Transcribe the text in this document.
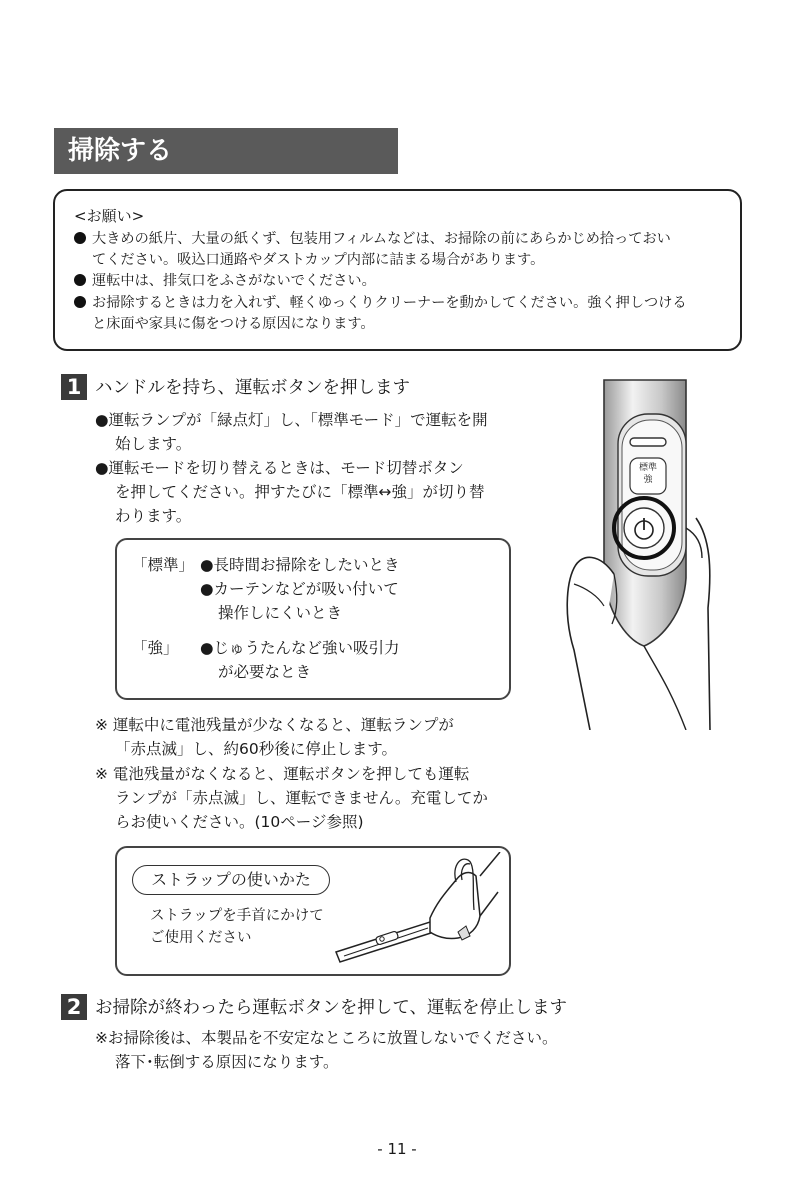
掃除する
<お願い>
大きめの紙片、大量の紙くず、包装用フィルムなどは、お掃除の前にあらかじめ拾っておい
てください。吸込口通路やダストカップ内部に詰まる場合があります。
運転中は、排気口をふさがないでください。
お掃除するときは力を入れず、軽くゆっくりクリーナーを動かしてください。強く押しつける
と床面や家具に傷をつける原因になります。
1 ハンドルを持ち、運転ボタンを押します
●運転ランプが「緑点灯」し、「標準モード」で運転を開
始します。
●運転モードを切り替えるときは、モード切替ボタン
を押してください。押すたびに「標準↔強」が切り替
わります。
「標準」 ●長時間お掃除をしたいとき
●カーテンなどが吸い付いて
操作しにくいとき
「強」 ●じゅうたんなど強い吸引力
が必要なとき
※ 運転中に電池残量が少なくなると、運転ランプが
「赤点滅」し、約60秒後に停止します。
※ 電池残量がなくなると、運転ボタンを押しても運転
ランプが「赤点滅」し、運転できません。充電してか
らお使いください。(10ページ参照)
ストラップの使いかた
ストラップを手首にかけて
ご使用ください
標準
強
2 お掃除が終わったら運転ボタンを押して、運転を停止します
※お掃除後は、本製品を不安定なところに放置しないでください。
落下･転倒する原因になります。
- 11 -
